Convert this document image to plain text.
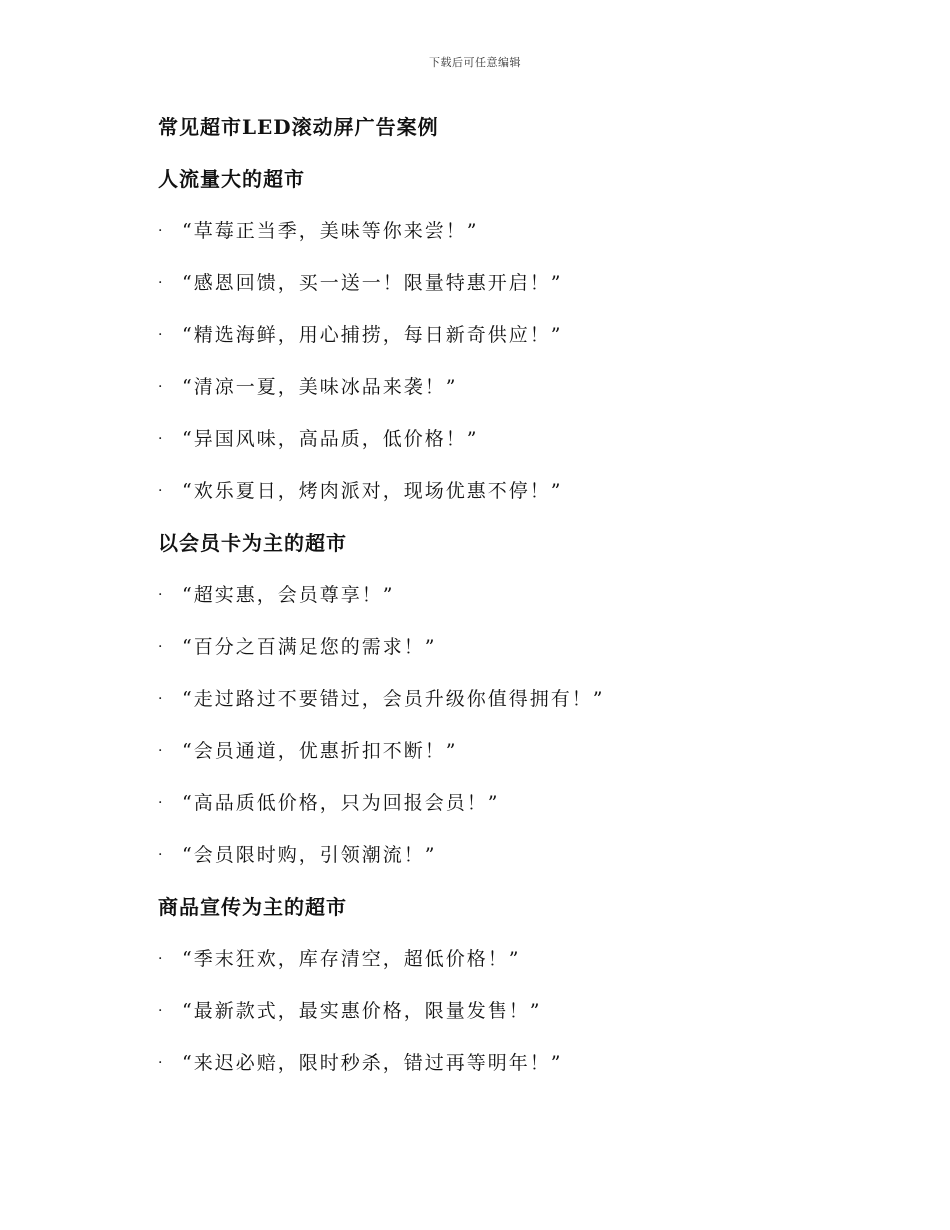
下载后可任意编辑
常见超市LED滚动屏广告案例
人流量大的超市
·	“草莓正当季，美味等你来尝！”
·	“感恩回馈，买一送一！限量特惠开启！”
·	“精选海鲜，用心捕捞，每日新奇供应！”
·	“清凉一夏，美味冰品来袭！”
·	“异国风味，高品质，低价格！”
·	“欢乐夏日，烤肉派对，现场优惠不停！”
以会员卡为主的超市
·	“超实惠，会员尊享！”
·	“百分之百满足您的需求！”
·	“走过路过不要错过，会员升级你值得拥有！”
·	“会员通道，优惠折扣不断！”
·	“高品质低价格，只为回报会员！”
·	“会员限时购，引领潮流！”
商品宣传为主的超市
·	“季末狂欢，库存清空，超低价格！”
·	“最新款式，最实惠价格，限量发售！”
·	“来迟必赔，限时秒杀，错过再等明年！”
